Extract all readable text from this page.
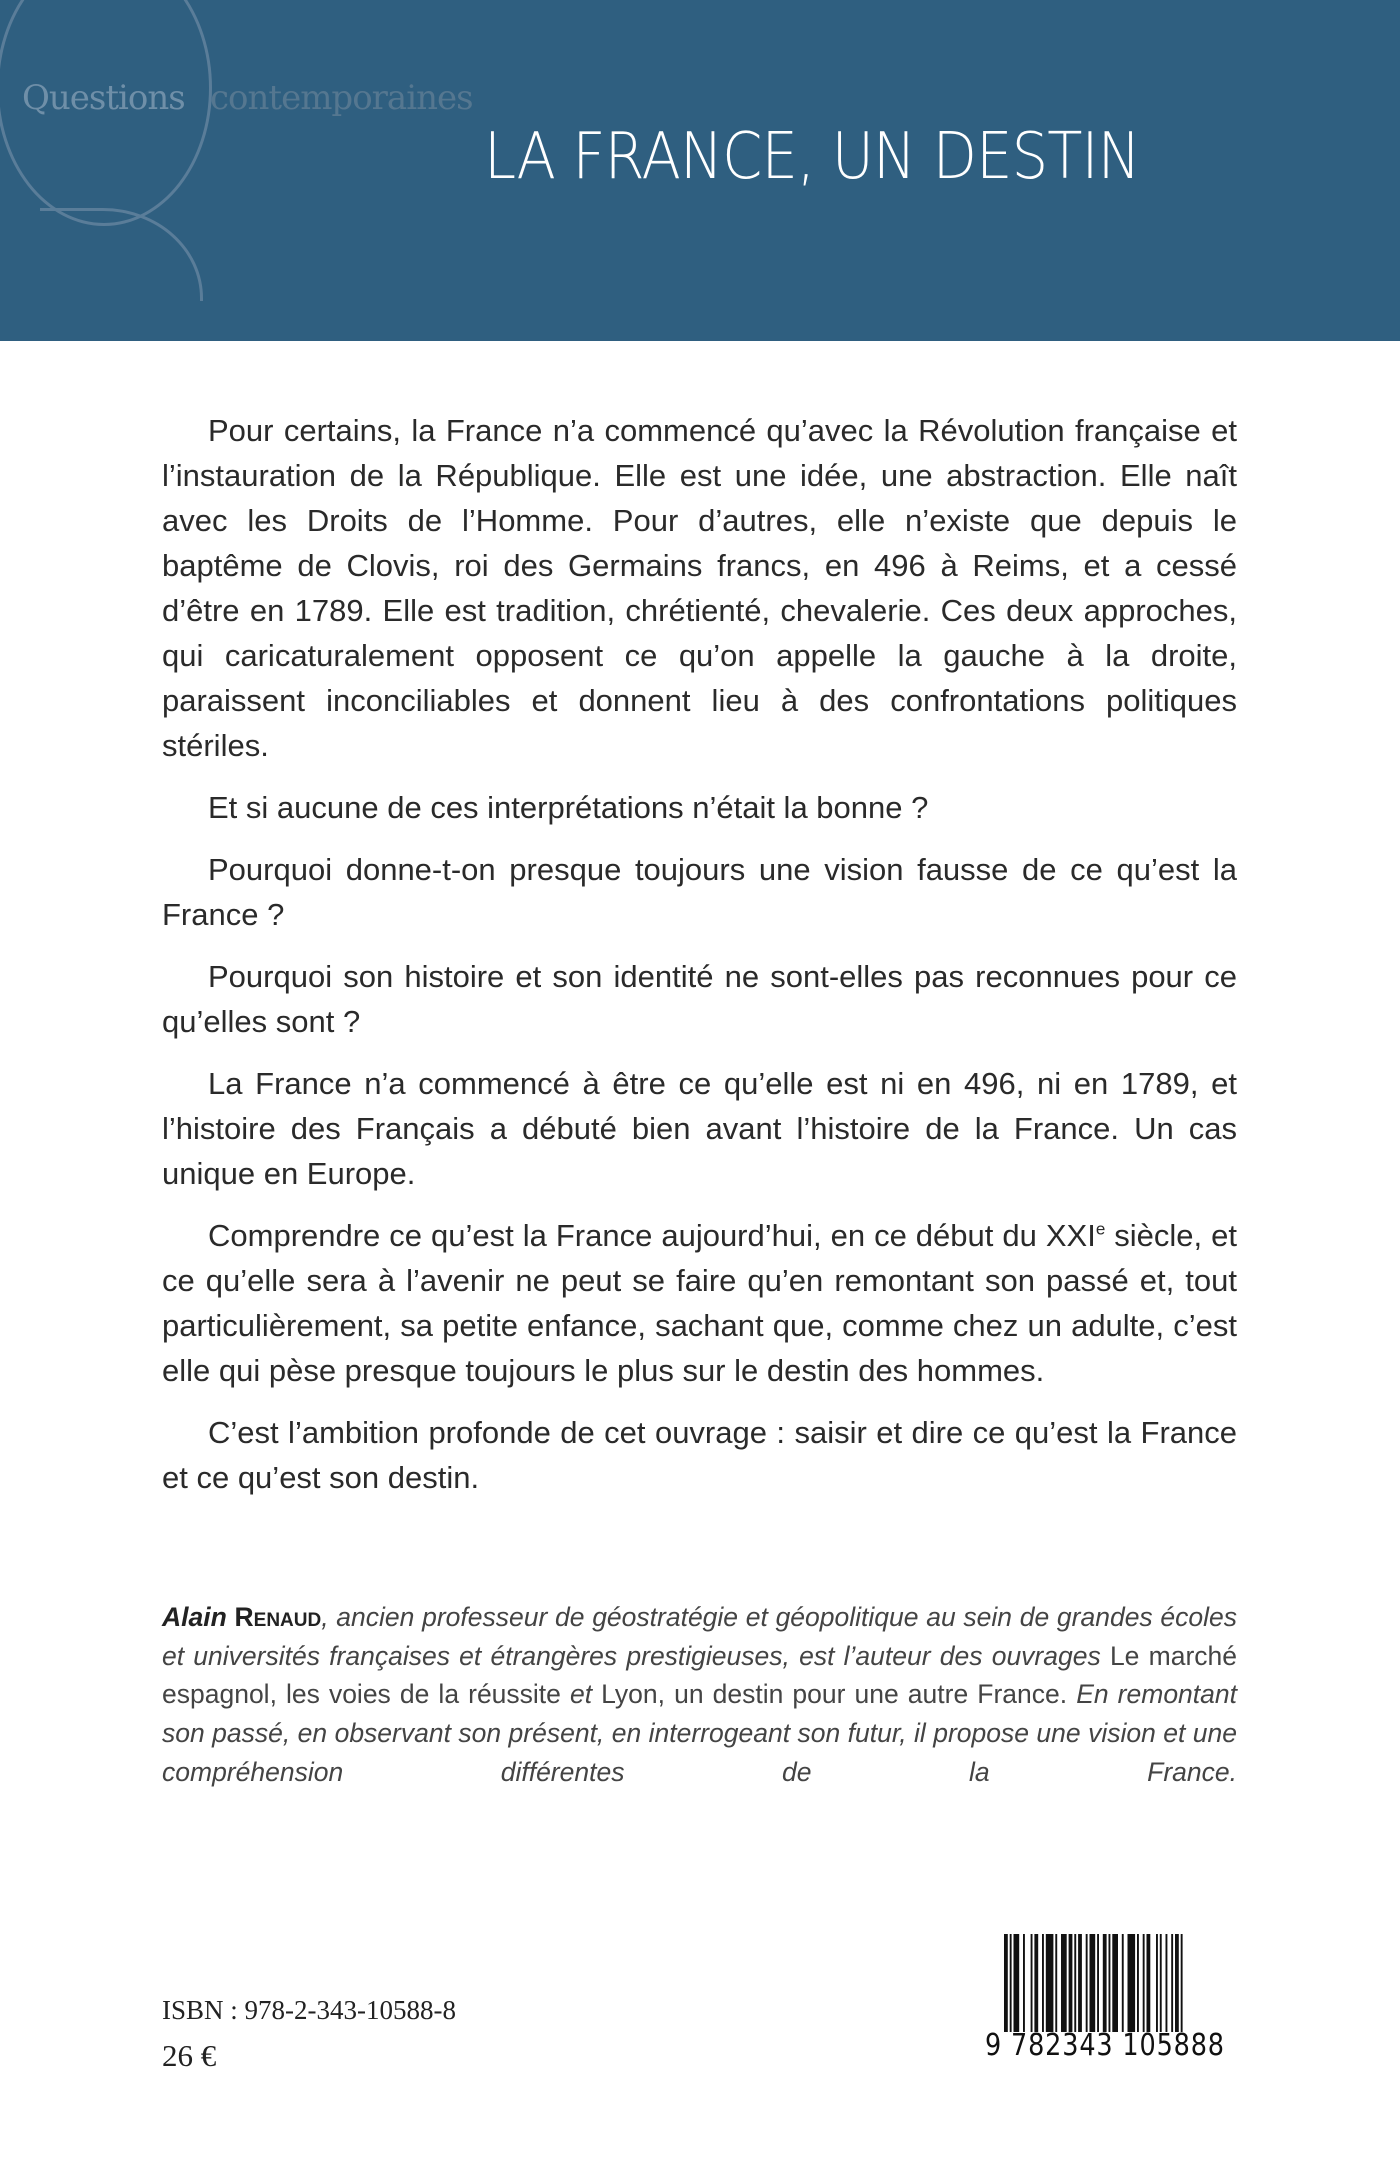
Questions contemporaines
LA FRANCE, UN DESTIN

Pour certains, la France n’a commencé qu’avec la Révolution française et l’instauration de la République. Elle est une idée, une abstraction. Elle naît avec les Droits de l’Homme. Pour d’autres, elle n’existe que depuis le baptême de Clovis, roi des Germains francs, en 496 à Reims, et a cessé d’être en 1789. Elle est tradition, chrétienté, chevalerie. Ces deux approches, qui caricaturalement opposent ce qu’on appelle la gauche à la droite, paraissent inconciliables et donnent lieu à des confrontations politiques stériles.

Et si aucune de ces interprétations n’était la bonne ?

Pourquoi donne-t-on presque toujours une vision fausse de ce qu’est la France ?

Pourquoi son histoire et son identité ne sont-elles pas reconnues pour ce qu’elles sont ?

La France n’a commencé à être ce qu’elle est ni en 496, ni en 1789, et l’histoire des Français a débuté bien avant l’histoire de la France. Un cas unique en Europe.

Comprendre ce qu’est la France aujourd’hui, en ce début du XXIe siècle, et ce qu’elle sera à l’avenir ne peut se faire qu’en remontant son passé et, tout particulièrement, sa petite enfance, sachant que, comme chez un adulte, c’est elle qui pèse presque toujours le plus sur le destin des hommes.

C’est l’ambition profonde de cet ouvrage : saisir et dire ce qu’est la France et ce qu’est son destin.

Alain Renaud, ancien professeur de géostratégie et géopolitique au sein de grandes écoles et universités françaises et étrangères prestigieuses, est l’auteur des ouvrages Le marché espagnol, les voies de la réussite et Lyon, un destin pour une autre France. En remontant son passé, en observant son présent, en interrogeant son futur, il propose une vision et une compréhension différentes de la France.
ISBN : 978-2-343-10588-8
26 €	9 782343 105888
